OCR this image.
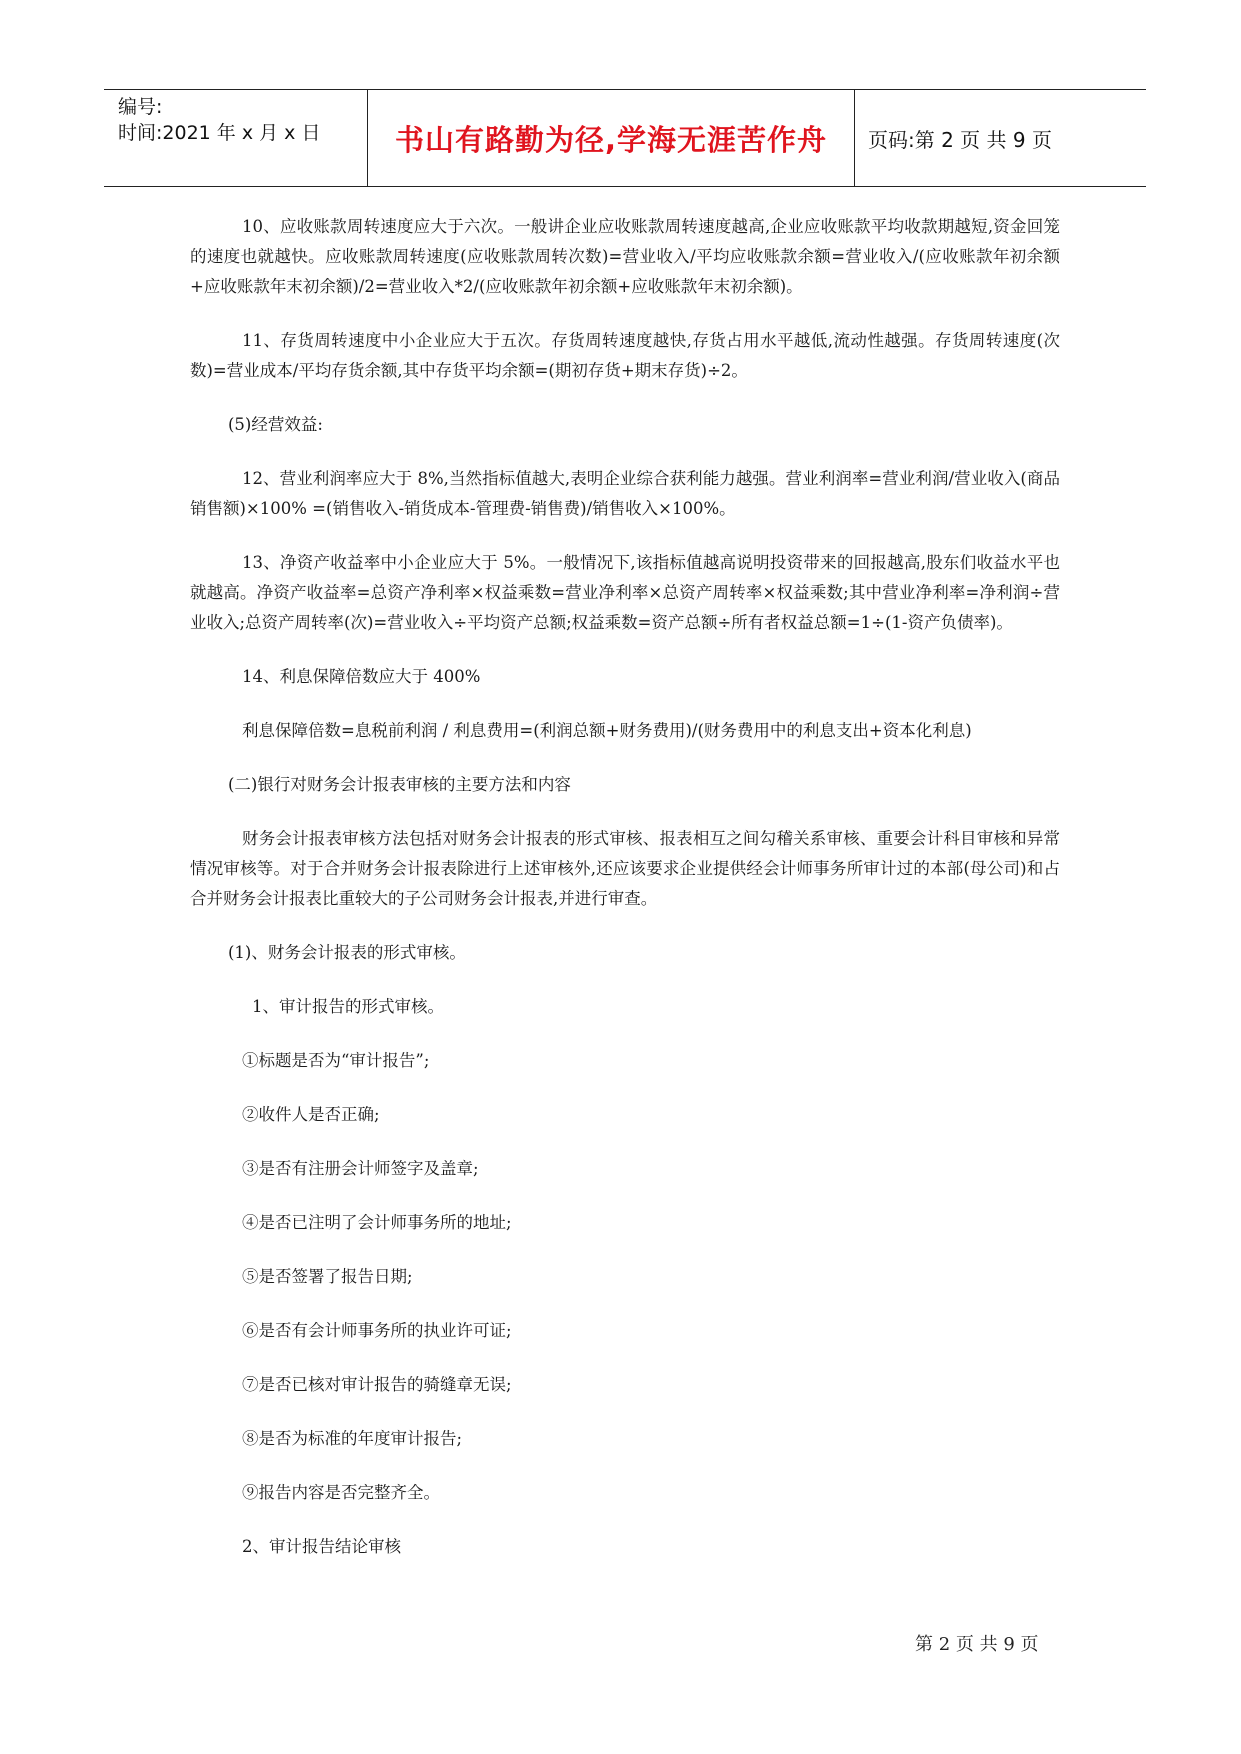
编号:
时间:2021 年 x 月 x 日	书山有路勤为径,学海无涯苦作舟 页码:第 2 页 共 9 页

10、应收账款周转速度应大于六次。一般讲企业应收账款周转速度越高,企业应收账款平均收款期越短,资金回笼的速度也就越快。应收账款周转速度(应收账款周转次数)=营业收入/平均应收账款余额=营业收入/(应收账款年初余额+应收账款年末初余额)/2=营业收入*2/(应收账款年初余额+应收账款年末初余额)。

11、存货周转速度中小企业应大于五次。存货周转速度越快,存货占用水平越低,流动性越强。存货周转速度(次数)=营业成本/平均存货余额,其中存货平均余额=(期初存货+期末存货)÷2。

(5)经营效益:

12、营业利润率应大于 8%,当然指标值越大,表明企业综合获利能力越强。营业利润率=营业利润/营业收入(商品销售额)×100% =(销售收入-销货成本-管理费-销售费)/销售收入×100%。

13、净资产收益率中小企业应大于 5%。一般情况下,该指标值越高说明投资带来的回报越高,股东们收益水平也就越高。净资产收益率=总资产净利率×权益乘数=营业净利率×总资产周转率×权益乘数;其中营业净利率=净利润÷营业收入;总资产周转率(次)=营业收入÷平均资产总额;权益乘数=资产总额÷所有者权益总额=1÷(1-资产负债率)。

14、利息保障倍数应大于 400%

利息保障倍数=息税前利润 / 利息费用=(利润总额+财务费用)/(财务费用中的利息支出+资本化利息)

(二)银行对财务会计报表审核的主要方法和内容

财务会计报表审核方法包括对财务会计报表的形式审核、报表相互之间勾稽关系审核、重要会计科目审核和异常情况审核等。对于合并财务会计报表除进行上述审核外,还应该要求企业提供经会计师事务所审计过的本部(母公司)和占合并财务会计报表比重较大的子公司财务会计报表,并进行审查。

(1)、财务会计报表的形式审核。

1、审计报告的形式审核。

①标题是否为“审计报告”;

②收件人是否正确;

③是否有注册会计师签字及盖章;

④是否已注明了会计师事务所的地址;

⑤是否签署了报告日期;

⑥是否有会计师事务所的执业许可证;

⑦是否已核对审计报告的骑缝章无误;

⑧是否为标准的年度审计报告;

⑨报告内容是否完整齐全。

2、审计报告结论审核

第 2 页 共 9 页
